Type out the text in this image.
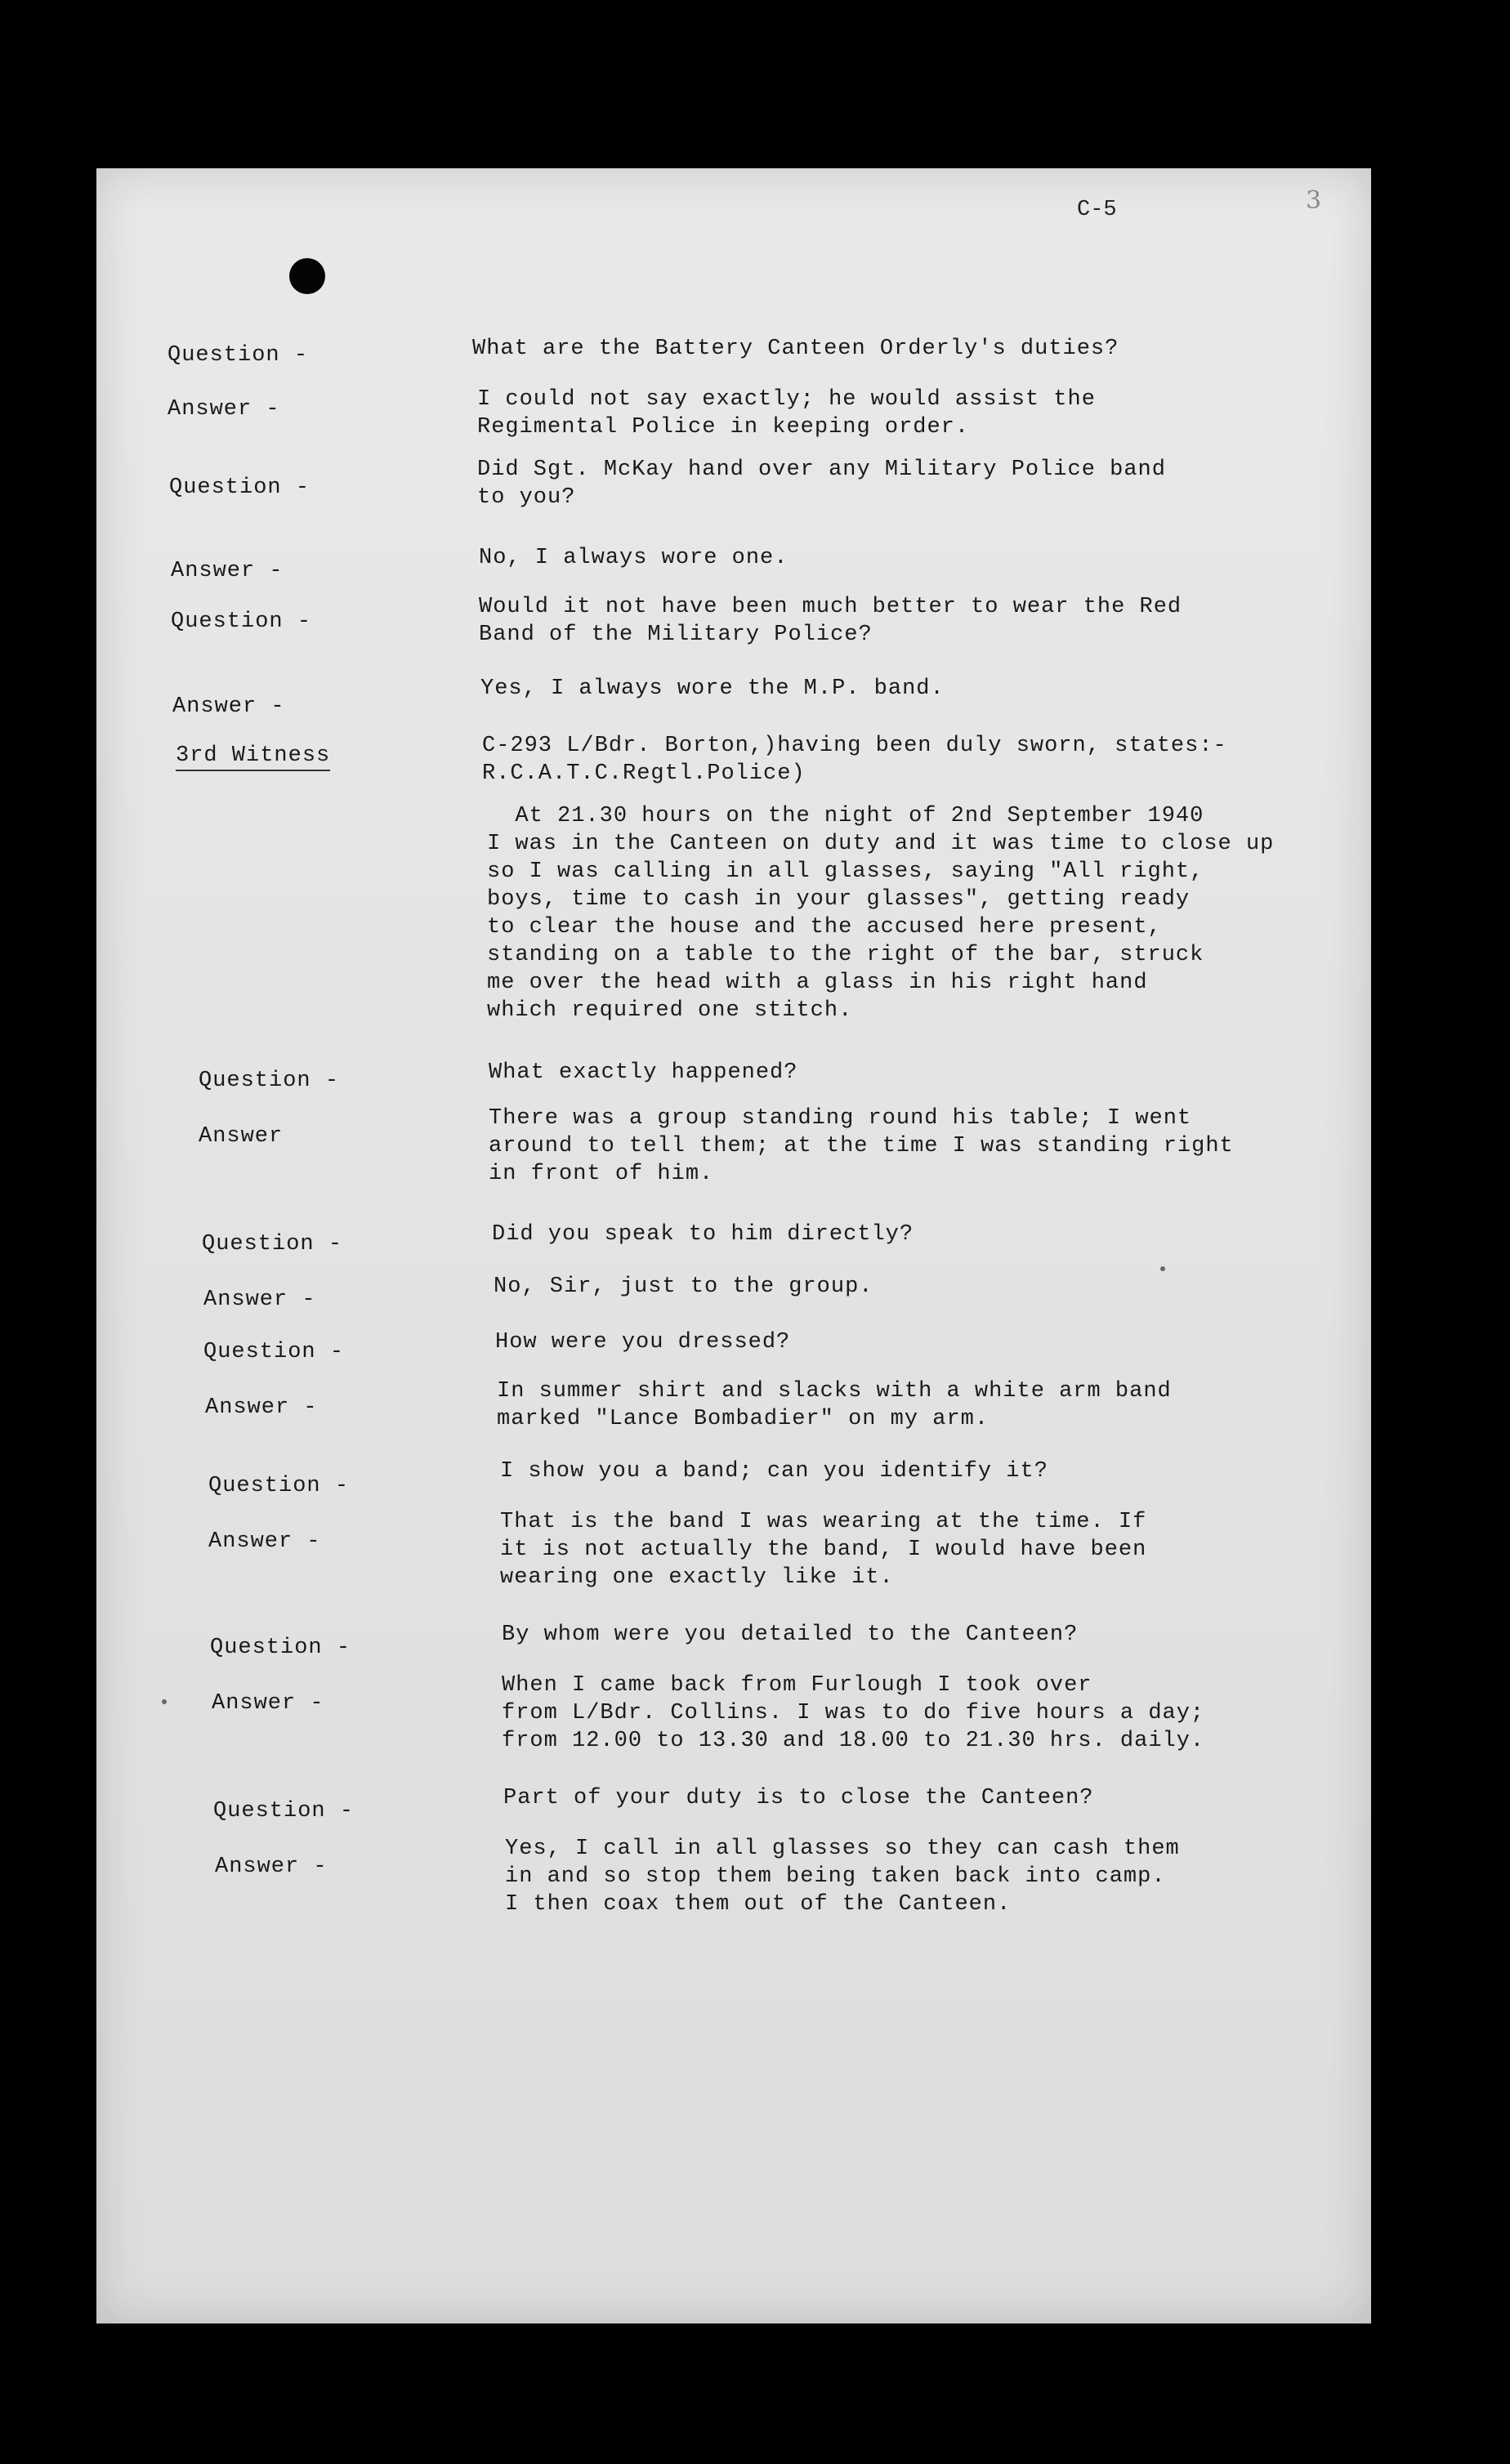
C-5	3
Question -	What are the Battery Canteen Orderly's duties?
Answer -	I could not say exactly; he would assist the
Regimental Police in keeping order.
Question -
Did Sgt. McKay hand over any Military Police band
to you?
Answer -
No, I always wore one.
Question -
Would it not have been much better to wear the Red
Band of the Military Police?
Answer -
Yes, I always wore the M.P. band.
3rd Witness	C-293 L/Bdr. Borton,)having been duly sworn, states:-
R.C.A.T.C.Regtl.Police)
At 21.30 hours on the night of 2nd September 1940
I was in the Canteen on duty and it was time to close up
so I was calling in all glasses, saying "All right,
boys, time to cash in your glasses", getting ready
to clear the house and the accused here present,
standing on a table to the right of the bar, struck
me over the head with a glass in his right hand
which required one stitch.
Question -	What exactly happened?
Answer
There was a group standing round his table; I went
around to tell them; at the time I was standing right
in front of him.
Question -	Did you speak to him directly?
Answer -
No, Sir, just to the group.
Question -	How were you dressed?
Answer -
In summer shirt and slacks with a white arm band
marked "Lance Bombadier" on my arm.
Question -
I show you a band; can you identify it?
Answer -
That is the band I was wearing at the time. If
it is not actually the band, I would have been
wearing one exactly like it.
Question -
By whom were you detailed to the Canteen?
Answer -
When I came back from Furlough I took over
from L/Bdr. Collins. I was to do five hours a day;
from 12.00 to 13.30 and 18.00 to 21.30 hrs. daily.
Question -
Part of your duty is to close the Canteen?
Answer -
Yes, I call in all glasses so they can cash them
in and so stop them being taken back into camp.
I then coax them out of the Canteen.
